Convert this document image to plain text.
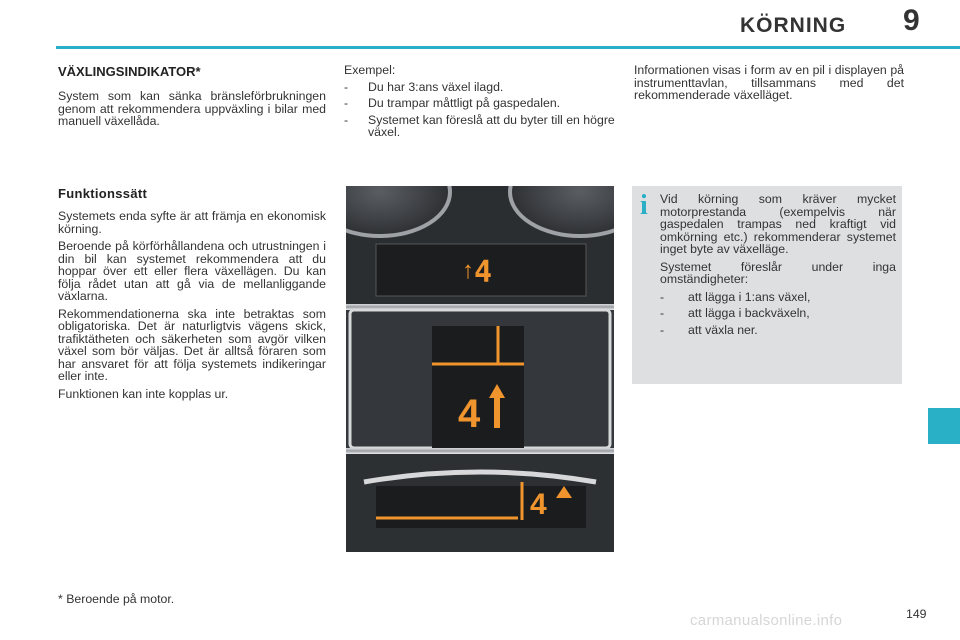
KÖRNING	9
VÄXLINGSINDIKATOR*

System som kan sänka bränsleförbrukningen genom att rekommendera uppväxling i bilar med manuell växellåda.

Funktionssätt

Systemets enda syfte är att främja en ekonomisk körning.

Beroende på körförhållandena och utrustningen i din bil kan systemet rekommendera att du hoppar över ett eller flera växellägen. Du kan följa rådet utan att gå via de mellanliggande växlarna.

Rekommendationerna ska inte betraktas som obligatoriska. Det är naturligtvis vägens skick, trafiktätheten och säkerheten som avgör vilken växel som bör väljas. Det är alltså föraren som har ansvaret för att följa systemets indikeringar eller inte.

Funktionen kan inte kopplas ur.

Exempel:

- Du har 3:ans växel ilagd.
- Du trampar måttligt på gaspedalen.
- Systemet kan föreslå att du byter till en högre växel.

Informationen visas i form av en pil i displayen på instrumenttavlan, tillsammans med det rekommenderade växelläget.

↑ 4
4
4
i Vid körning som kräver mycket motorprestanda (exempelvis när gaspedalen trampas ned kraftigt vid omkörning etc.) rekommenderar systemet inget byte av växelläge.

Systemet föreslår under inga omständigheter:

- att lägga i 1:ans växel,
- att lägga i backväxeln,
- att växla ner.
* Beroende på motor.
149
carmanualsonline.info
